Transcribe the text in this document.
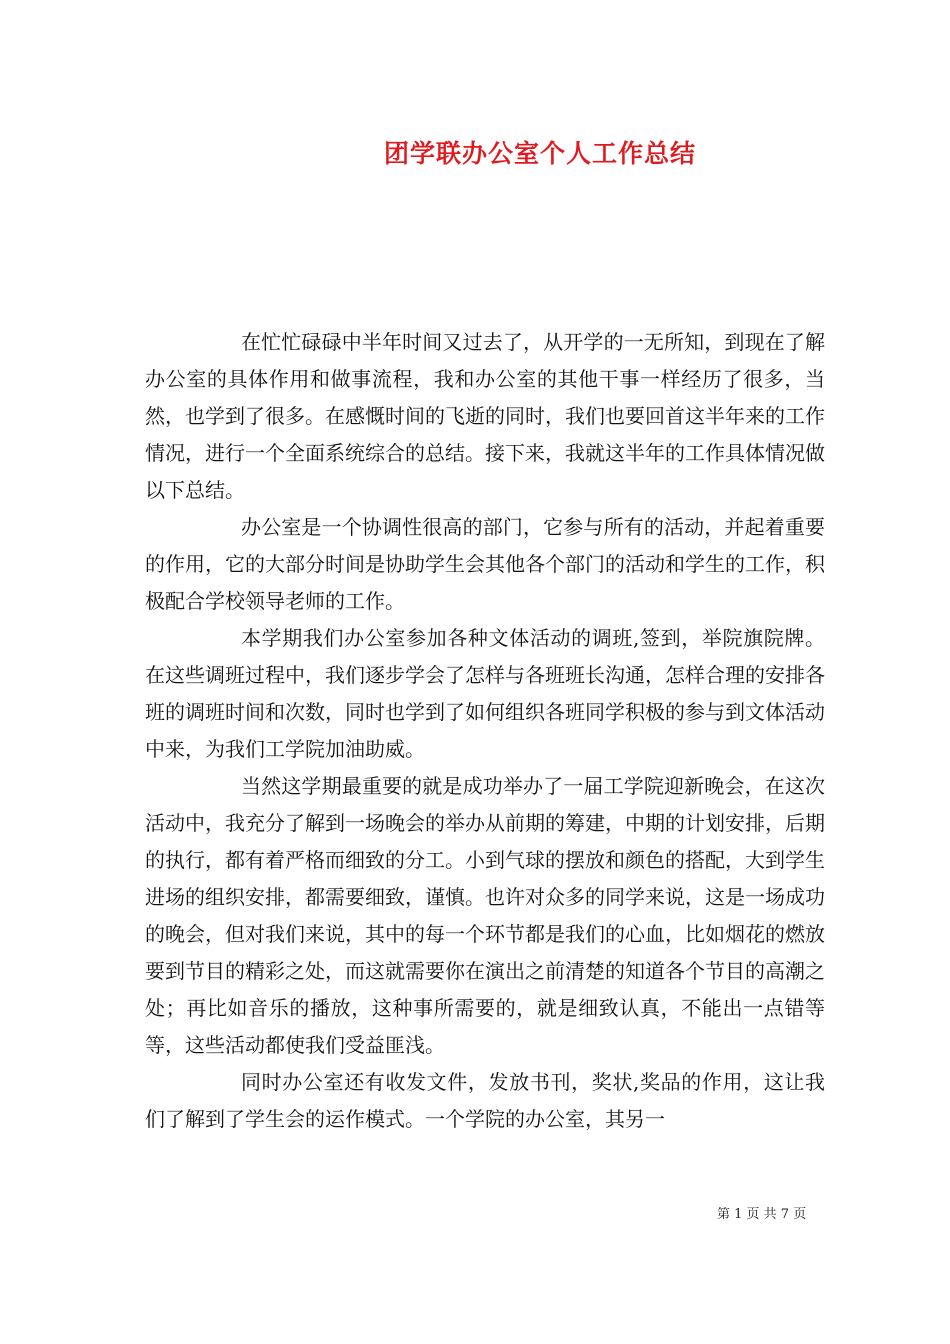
团学联办公室个人工作总结

在忙忙碌碌中半年时间又过去了，从开学的一无所知，到现在了解办公室的具体作用和做事流程，我和办公室的其他干事一样经历了很多，当然，也学到了很多。在感慨时间的飞逝的同时，我们也要回首这半年来的工作情况，进行一个全面系统综合的总结。接下来，我就这半年的工作具体情况做以下总结。

办公室是一个协调性很高的部门，它参与所有的活动，并起着重要的作用，它的大部分时间是协助学生会其他各个部门的活动和学生的工作，积极配合学校领导老师的工作。

本学期我们办公室参加各种文体活动的调班,签到，举院旗院牌。在这些调班过程中，我们逐步学会了怎样与各班班长沟通，怎样合理的安排各班的调班时间和次数，同时也学到了如何组织各班同学积极的参与到文体活动中来，为我们工学院加油助威。

当然这学期最重要的就是成功举办了一届工学院迎新晚会，在这次活动中，我充分了解到一场晚会的举办从前期的筹建，中期的计划安排，后期的执行，都有着严格而细致的分工。小到气球的摆放和颜色的搭配，大到学生进场的组织安排，都需要细致，谨慎。也许对众多的同学来说，这是一场成功的晚会，但对我们来说，其中的每一个环节都是我们的心血，比如烟花的燃放要到节目的精彩之处，而这就需要你在演出之前清楚的知道各个节目的高潮之处；再比如音乐的播放，这种事所需要的，就是细致认真，不能出一点错等等，这些活动都使我们受益匪浅。

同时办公室还有收发文件，发放书刊，奖状,奖品的作用，这让我们了解到了学生会的运作模式。一个学院的办公室，其另一

第 1 页 共 7 页
